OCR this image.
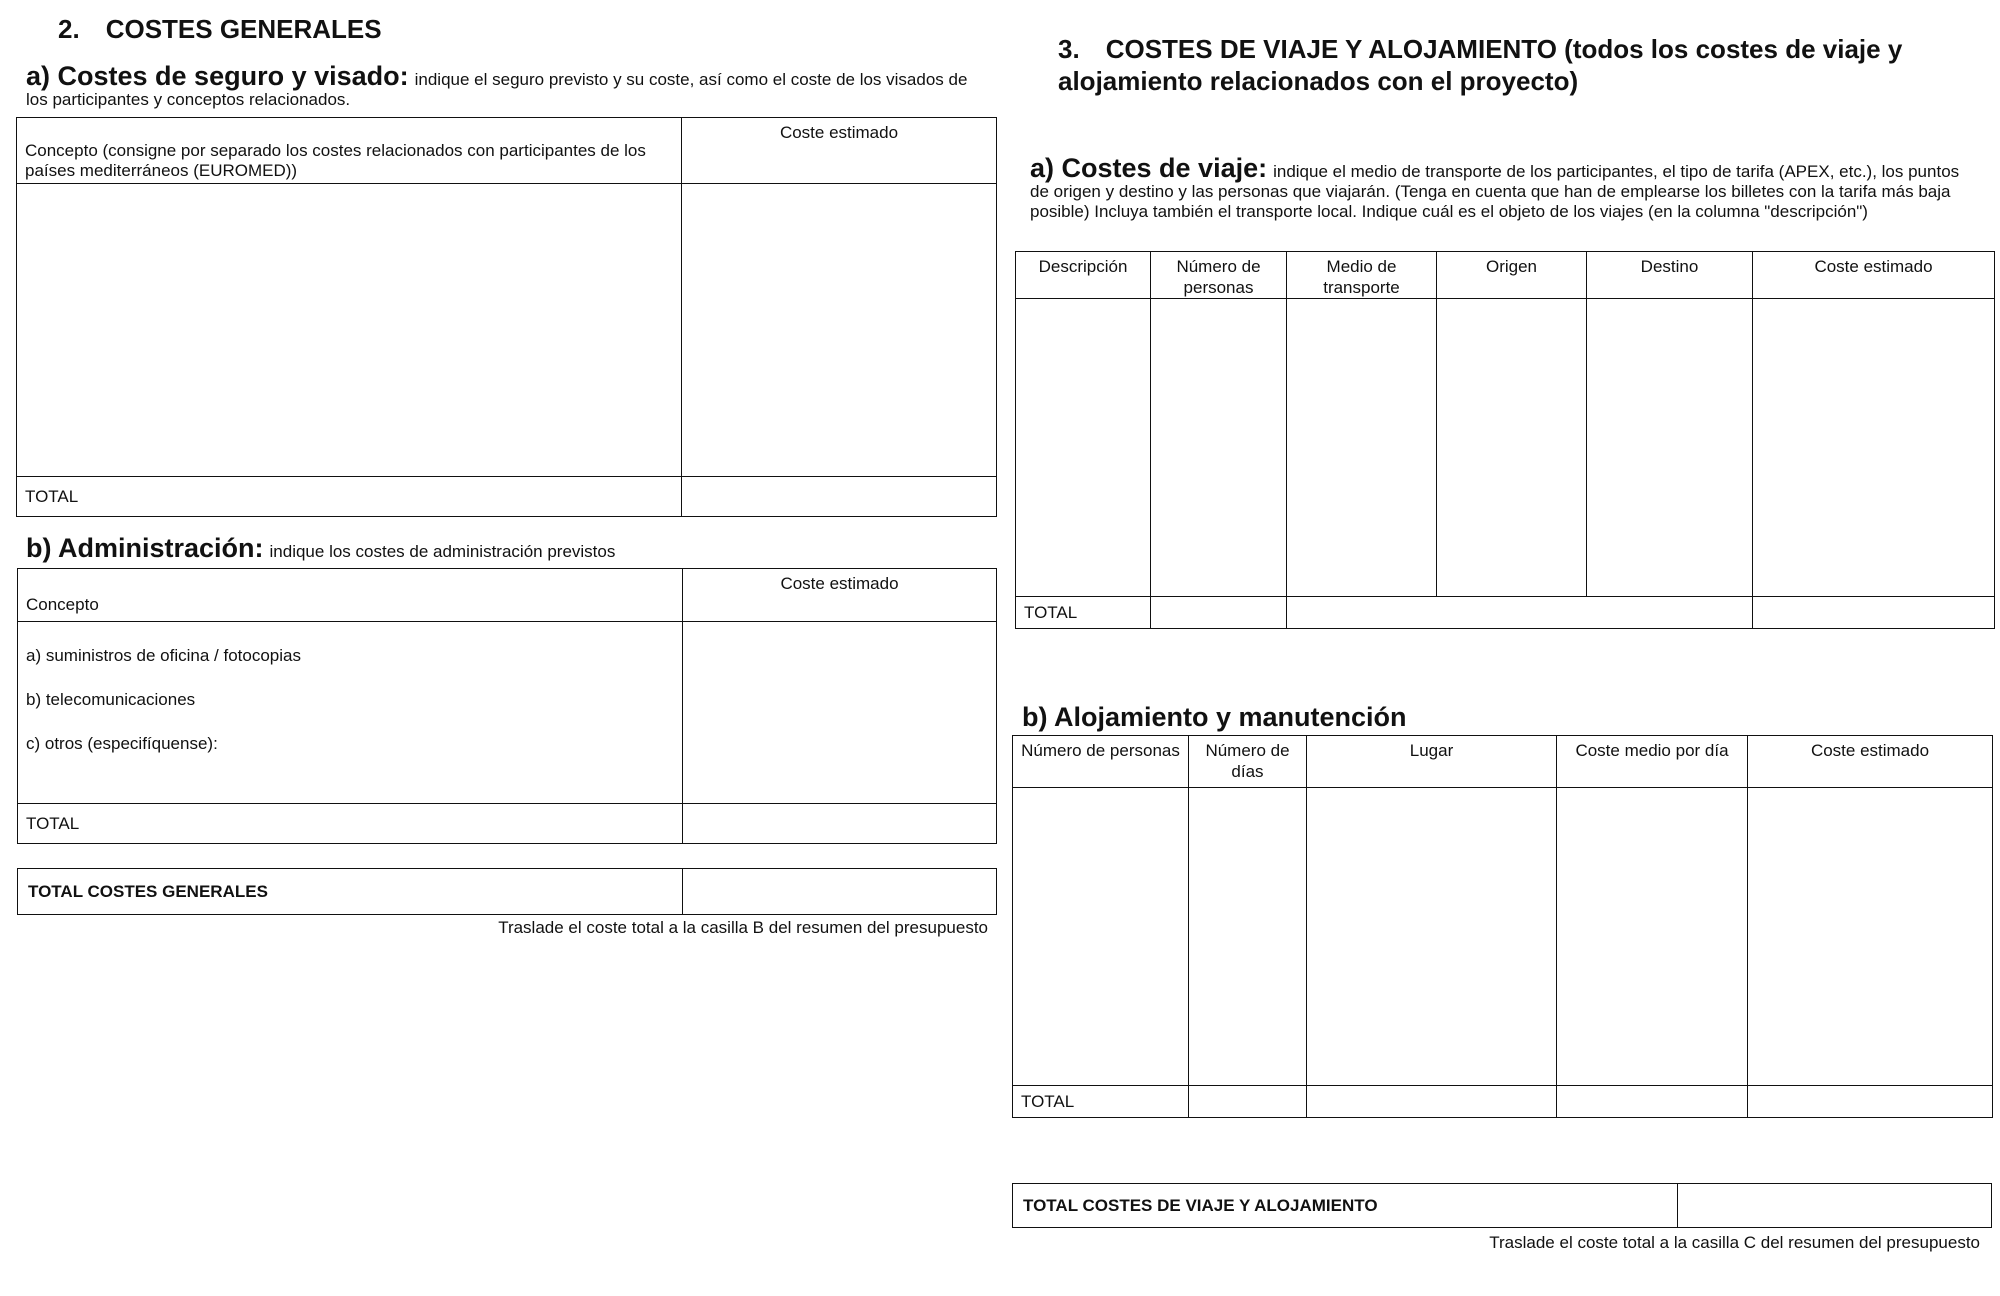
2. COSTES GENERALES
a) Costes de seguro y visado: indique el seguro previsto y su coste, así como el coste de los visados de los participantes y conceptos relacionados.
Concepto (consigne por separado los costes relacionados con participantes de los países mediterráneos (EUROMED))	Coste estimado

TOTAL	
b) Administración: indique los costes de administración previstos
Concepto	Coste estimado

a) suministros de oficina / fotocopias
b) telecomunicaciones
c) otros (especifíquense):	

TOTAL	
TOTAL COSTES GENERALES	
Traslade el coste total a la casilla B del resumen del presupuesto
3. COSTES DE VIAJE Y ALOJAMIENTO (todos los costes de viaje y
alojamiento relacionados con el proyecto)
a) Costes de viaje: indique el medio de transporte de los participantes, el tipo de tarifa (APEX, etc.), los puntos de origen y destino y las personas que viajarán. (Tenga en cuenta que han de emplearse los billetes con la tarifa más baja posible) Incluya también el transporte local. Indique cuál es el objeto de los viajes (en la columna "descripción")
Descripción	Número de personas	Medio de transporte	Origen	Destino	Coste estimado

TOTAL					
b) Alojamiento y manutención
Número de personas	Número de días	Lugar	Coste medio por día	Coste estimado

TOTAL				
TOTAL COSTES DE VIAJE Y ALOJAMIENTO	
Traslade el coste total a la casilla C del resumen del presupuesto
